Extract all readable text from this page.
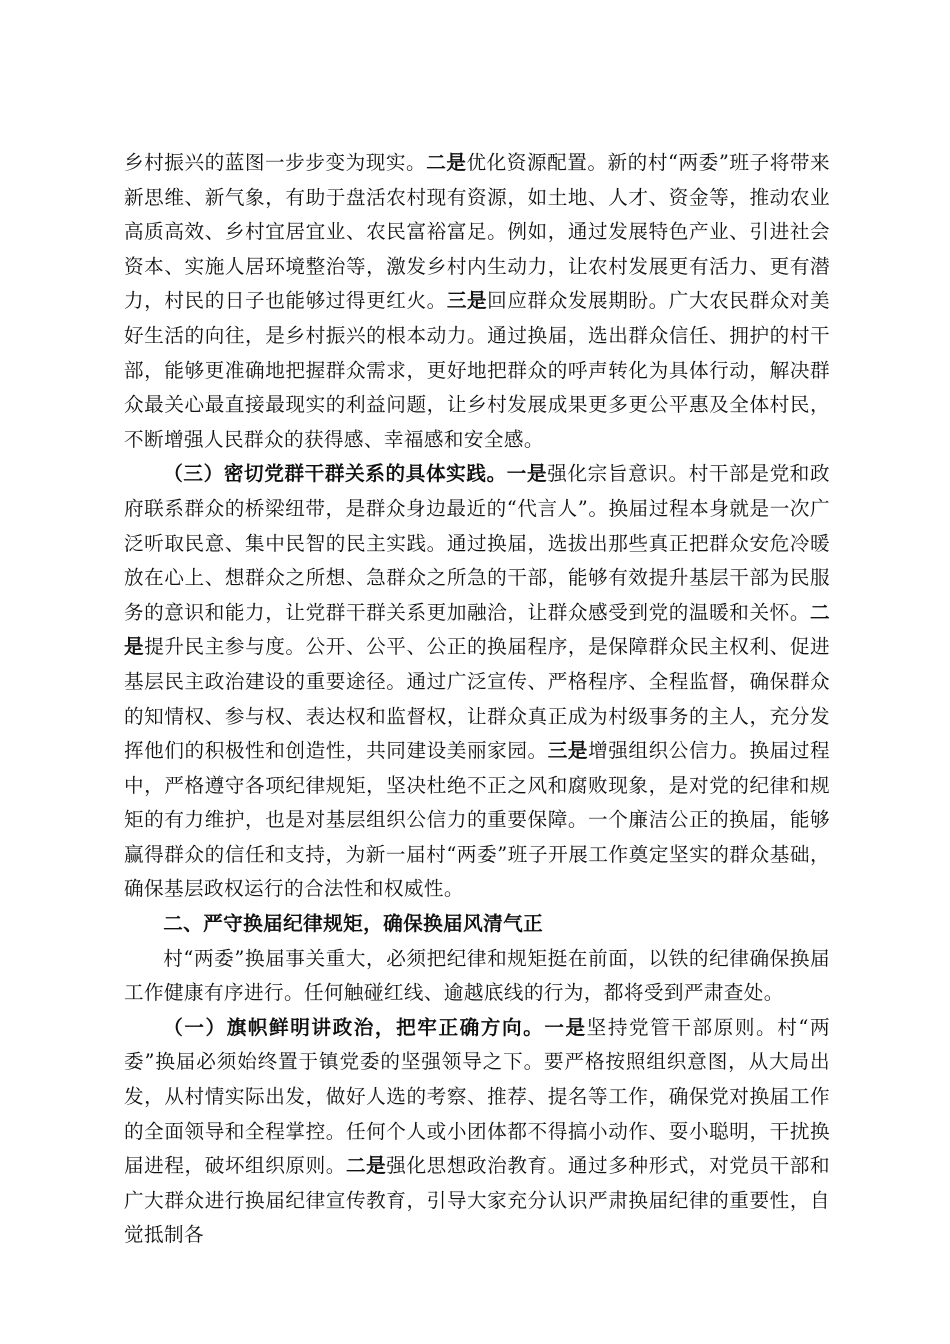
乡村振兴的蓝图一步步变为现实。二是优化资源配置。新的村“两委”班子将带来新思维、新气象，有助于盘活农村现有资源，如土地、人才、资金等，推动农业高质高效、乡村宜居宜业、农民富裕富足。例如，通过发展特色产业、引进社会资本、实施人居环境整治等，激发乡村内生动力，让农村发展更有活力、更有潜力，村民的日子也能够过得更红火。三是回应群众发展期盼。广大农民群众对美好生活的向往，是乡村振兴的根本动力。通过换届，选出群众信任、拥护的村干部，能够更准确地把握群众需求，更好地把群众的呼声转化为具体行动，解决群众最关心最直接最现实的利益问题，让乡村发展成果更多更公平惠及全体村民，不断增强人民群众的获得感、幸福感和安全感。

（三）密切党群干群关系的具体实践。一是强化宗旨意识。村干部是党和政府联系群众的桥梁纽带，是群众身边最近的“代言人”。换届过程本身就是一次广泛听取民意、集中民智的民主实践。通过换届，选拔出那些真正把群众安危冷暖放在心上、想群众之所想、急群众之所急的干部，能够有效提升基层干部为民服务的意识和能力，让党群干群关系更加融洽，让群众感受到党的温暖和关怀。二是提升民主参与度。公开、公平、公正的换届程序，是保障群众民主权利、促进基层民主政治建设的重要途径。通过广泛宣传、严格程序、全程监督，确保群众的知情权、参与权、表达权和监督权，让群众真正成为村级事务的主人，充分发挥他们的积极性和创造性，共同建设美丽家园。三是增强组织公信力。换届过程中，严格遵守各项纪律规矩，坚决杜绝不正之风和腐败现象，是对党的纪律和规矩的有力维护，也是对基层组织公信力的重要保障。一个廉洁公正的换届，能够赢得群众的信任和支持，为新一届村“两委”班子开展工作奠定坚实的群众基础，确保基层政权运行的合法性和权威性。

二、严守换届纪律规矩，确保换届风清气正

村“两委”换届事关重大，必须把纪律和规矩挺在前面，以铁的纪律确保换届工作健康有序进行。任何触碰红线、逾越底线的行为，都将受到严肃查处。

（一）旗帜鲜明讲政治，把牢正确方向。一是坚持党管干部原则。村“两委”换届必须始终置于镇党委的坚强领导之下。要严格按照组织意图，从大局出发，从村情实际出发，做好人选的考察、推荐、提名等工作，确保党对换届工作的全面领导和全程掌控。任何个人或小团体都不得搞小动作、耍小聪明，干扰换届进程，破坏组织原则。二是强化思想政治教育。通过多种形式，对党员干部和广大群众进行换届纪律宣传教育，引导大家充分认识严肃换届纪律的重要性，自觉抵制各
